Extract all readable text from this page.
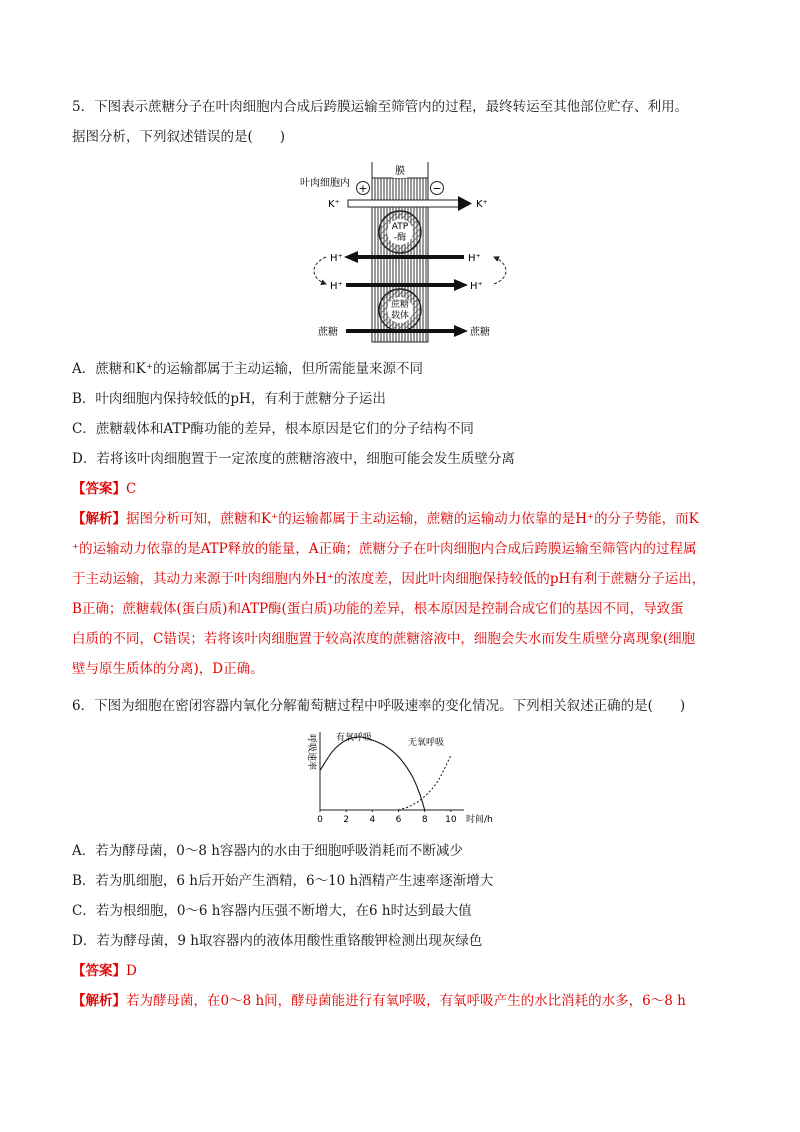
5．下图表示蔗糖分子在叶肉细胞内合成后跨膜运输至筛管内的过程，最终转运至其他部位贮存、利用。
据图分析，下列叙述错误的是(　　)
膜
叶肉细胞内 +	−
K⁺	K⁺
ATP
-酶
H⁺	H⁺
H⁺	H⁺
蔗糖
载体
蔗糖	蔗糖
A．蔗糖和K⁺的运输都属于主动运输，但所需能量来源不同
B．叶肉细胞内保持较低的pH，有利于蔗糖分子运出
C．蔗糖载体和ATP酶功能的差异，根本原因是它们的分子结构不同
D．若将该叶肉细胞置于一定浓度的蔗糖溶液中，细胞可能会发生质壁分离
【答案】C
【解析】据图分析可知，蔗糖和K⁺的运输都属于主动运输，蔗糖的运输动力依靠的是H⁺的分子势能，而K
⁺的运输动力依靠的是ATP释放的能量，A正确；蔗糖分子在叶肉细胞内合成后跨膜运输至筛管内的过程属
于主动运输，其动力来源于叶肉细胞内外H⁺的浓度差，因此叶肉细胞保持较低的pH有利于蔗糖分子运出，
B正确；蔗糖载体(蛋白质)和ATP酶(蛋白质)功能的差异，根本原因是控制合成它们的基因不同，导致蛋
白质的不同，C错误；若将该叶肉细胞置于较高浓度的蔗糖溶液中，细胞会失水而发生质壁分离现象(细胞
壁与原生质体的分离)，D正确。
6．下图为细胞在密闭容器内氧化分解葡萄糖过程中呼吸速率的变化情况。下列相关叙述正确的是(　　)
呼吸速率
时间/h
0 2 4 6 8 10
有氧呼吸	无氧呼吸
A．若为酵母菌，0～8 h容器内的水由于细胞呼吸消耗而不断减少
B．若为肌细胞，6 h后开始产生酒精，6～10 h酒精产生速率逐渐增大
C．若为根细胞，0～6 h容器内压强不断增大，在6 h时达到最大值
D．若为酵母菌，9 h取容器内的液体用酸性重铬酸钾检测出现灰绿色
【答案】D
【解析】若为酵母菌，在0～8 h间，酵母菌能进行有氧呼吸，有氧呼吸产生的水比消耗的水多，6～8 h
